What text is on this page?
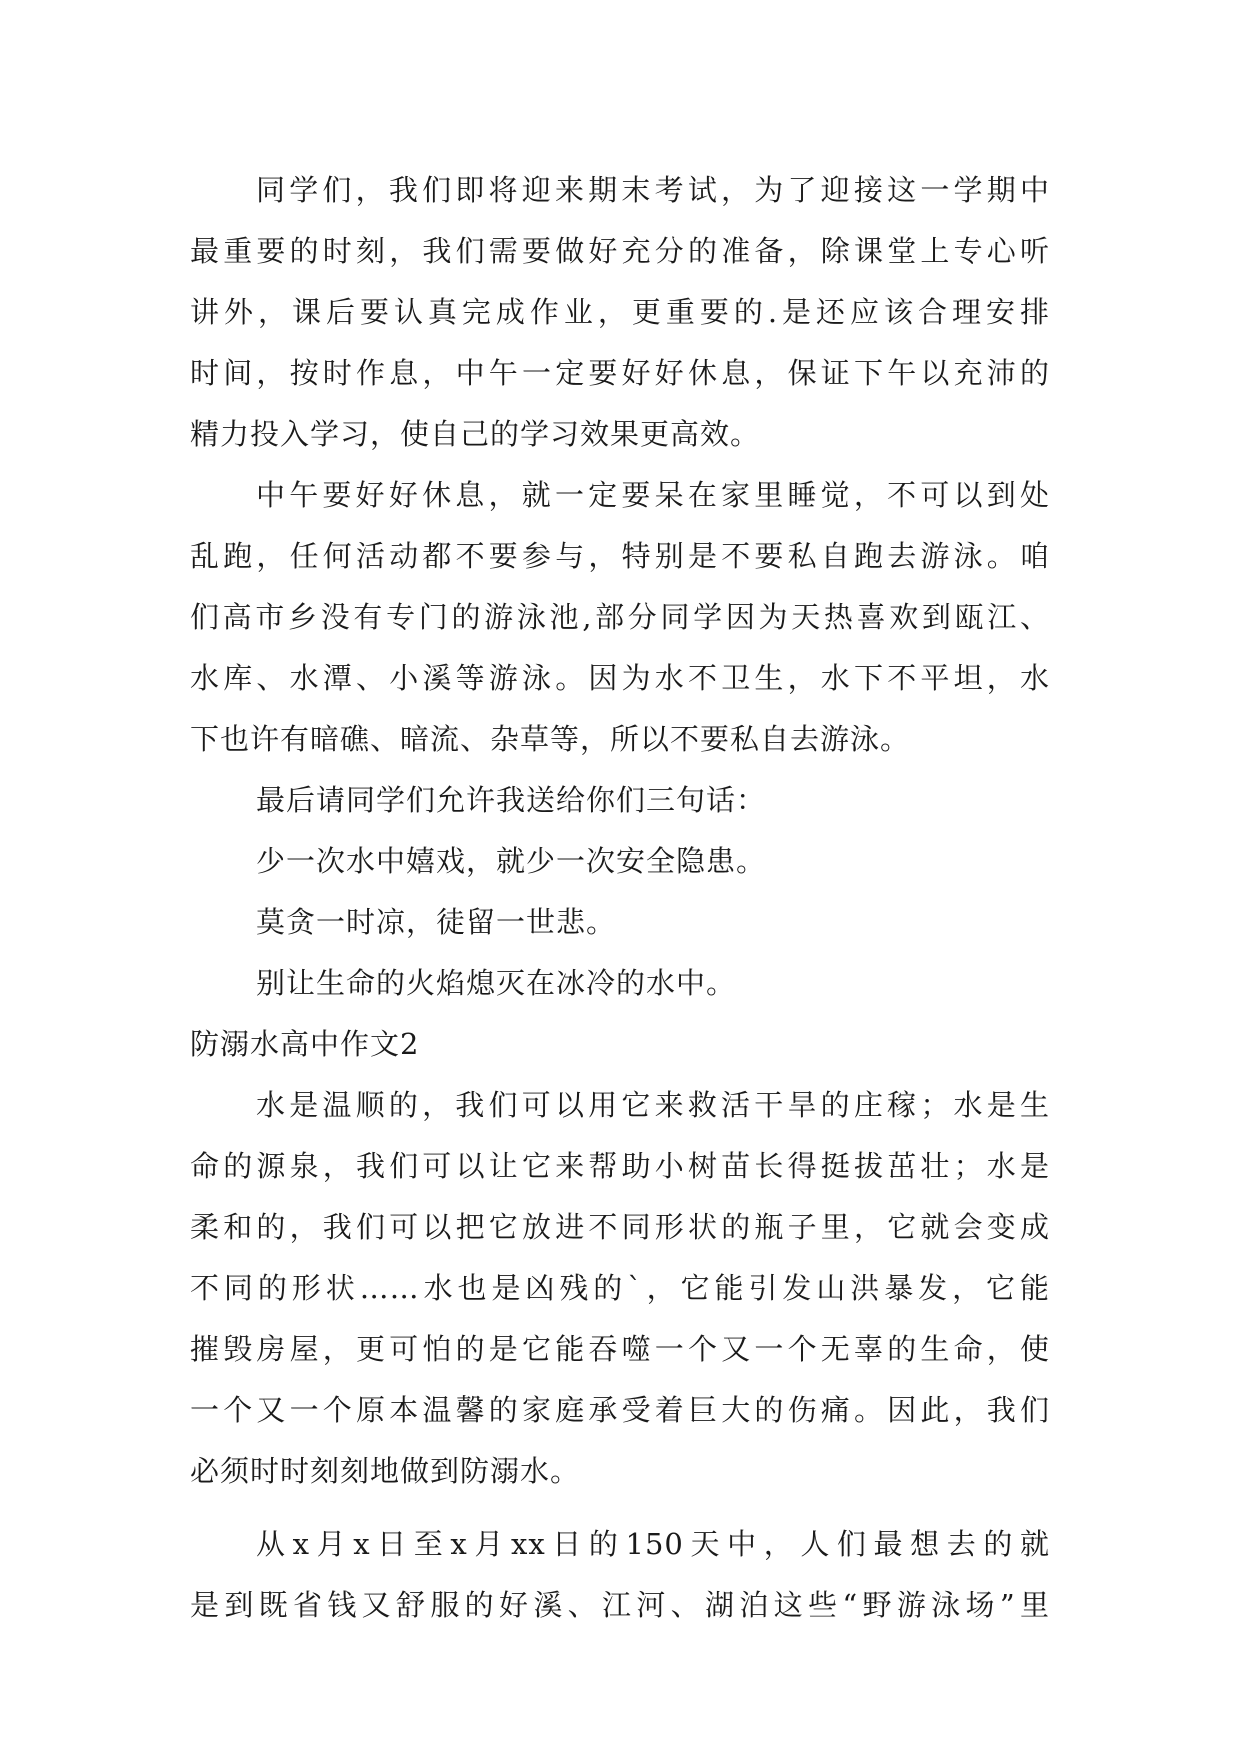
同学们，我们即将迎来期末考试，为了迎接这一学期中
最重要的时刻，我们需要做好充分的准备，除课堂上专心听
讲外，课后要认真完成作业，更重要的.是还应该合理安排
时间，按时作息，中午一定要好好休息，保证下午以充沛的
精力投入学习，使自己的学习效果更高效。
中午要好好休息，就一定要呆在家里睡觉，不可以到处
乱跑，任何活动都不要参与，特别是不要私自跑去游泳。咱
们高市乡没有专门的游泳池,部分同学因为天热喜欢到瓯江、
水库、水潭、小溪等游泳。因为水不卫生，水下不平坦，水
下也许有暗礁、暗流、杂草等，所以不要私自去游泳。
最后请同学们允许我送给你们三句话：
少一次水中嬉戏，就少一次安全隐患。
莫贪一时凉，徒留一世悲。
别让生命的火焰熄灭在冰冷的水中。
防溺水高中作文2
水是温顺的，我们可以用它来救活干旱的庄稼；水是生
命的源泉，我们可以让它来帮助小树苗长得挺拔茁壮；水是
柔和的，我们可以把它放进不同形状的瓶子里，它就会变成
不同的形状……水也是凶残的`，它能引发山洪暴发，它能
摧毁房屋，更可怕的是它能吞噬一个又一个无辜的生命，使
一个又一个原本温馨的家庭承受着巨大的伤痛。因此，我们
必须时时刻刻地做到防溺水。
从x月x日至x月xx日的150天中，人们最想去的就
是到既省钱又舒服的好溪、江河、湖泊这些“野游泳场”里
